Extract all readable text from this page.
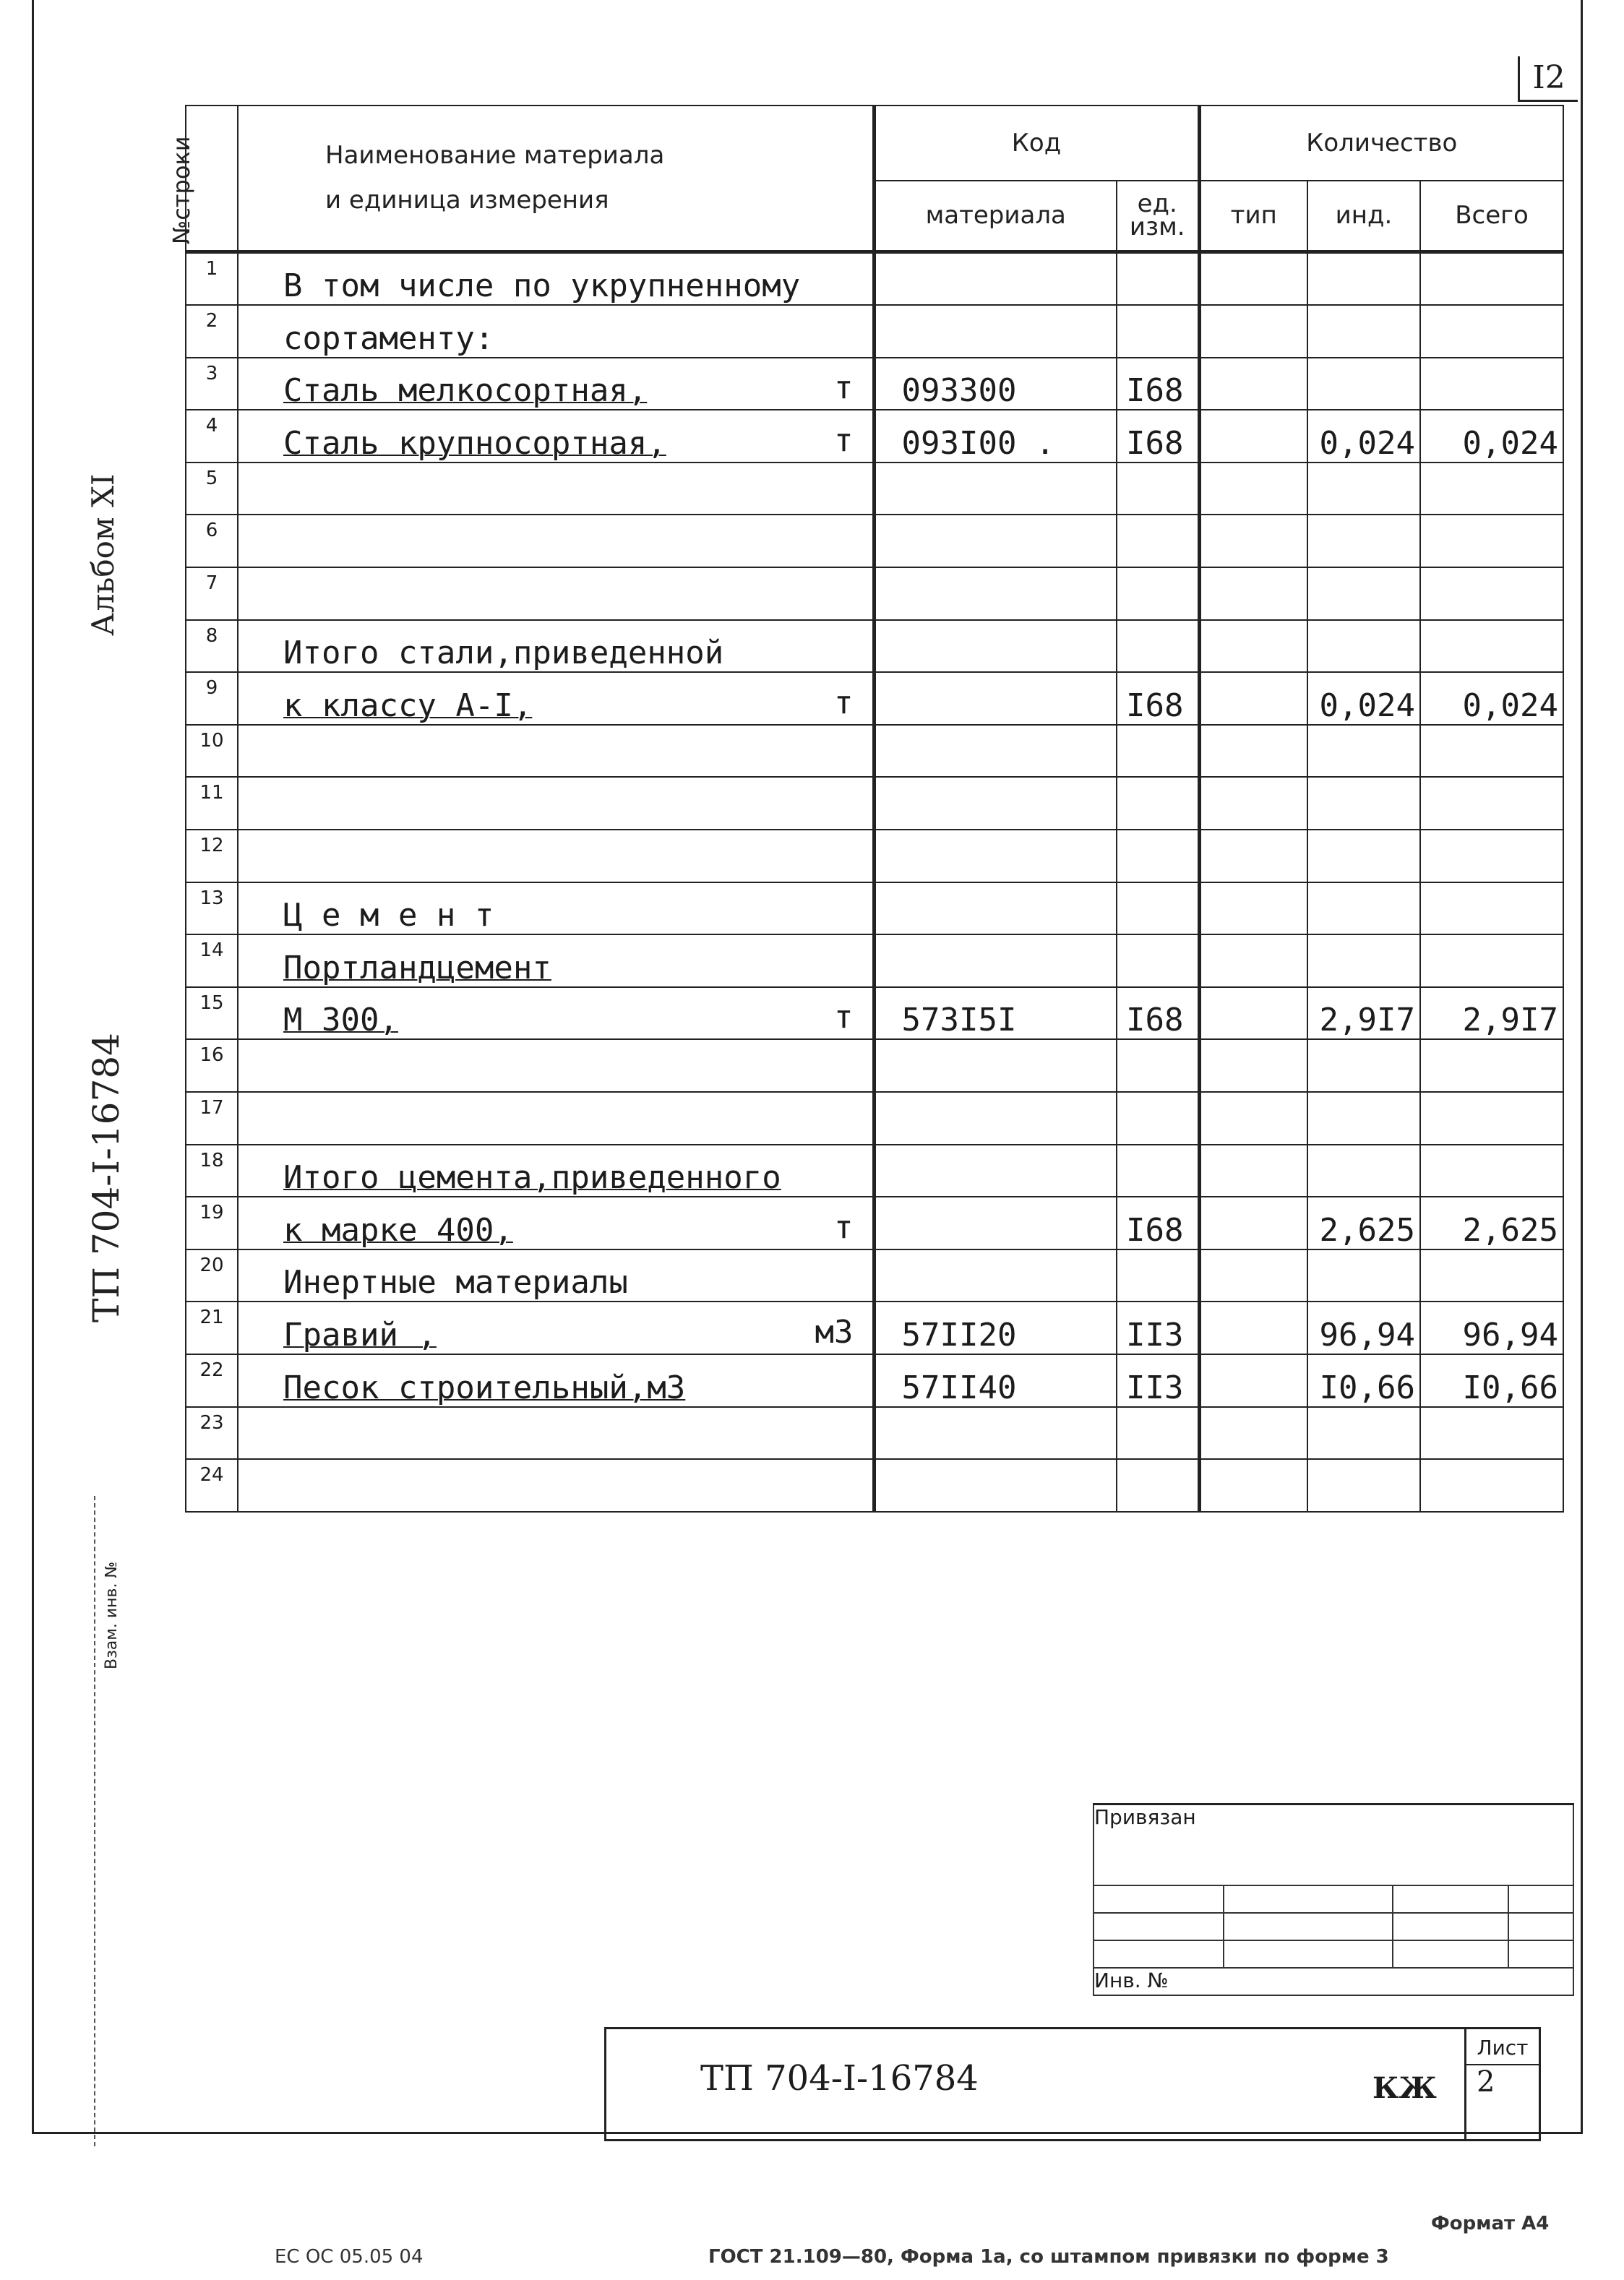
I2
Альбом XI
ТП 704-I-16784
Взам. инв. №
№строки	Наименование материала
и единица измерения	Код		Количество		
		материала	ед. изм.	тип	инд.	Всего
1	В том числе по укрупненному

2	сортаменту:

3	Сталь мелкосортная, т	093300	I68			
4	Сталь крупносортная, т	093I00 .	I68		0,024	0,024
5	

6	

7	

8	Итого стали,приведенной

9	к классу А-I, т		I68		0,024	0,024
10	

11	

12	

13	Ц е м е н т

14	Портландцемент

15	М 300, т	573I5I	I68		2,9I7	2,9I7
16	

17	

18	Итого цемента,приведенного

19	к марке 400, т		I68		2,625	2,625
20	Инертные материалы

21	Гравий , м3	57II20	II3		96,94	96,94
22	Песок строительный,м3	57II40	II3		I0,66	I0,66
23	

24	

Привязан			

Инв. №			
ТП 704-I-16784	КЖ
Лист
2
Формат А4
ГОСТ 21.109—80, Форма 1а, со штампом привязки по форме 3
EC OC 05.05 04
